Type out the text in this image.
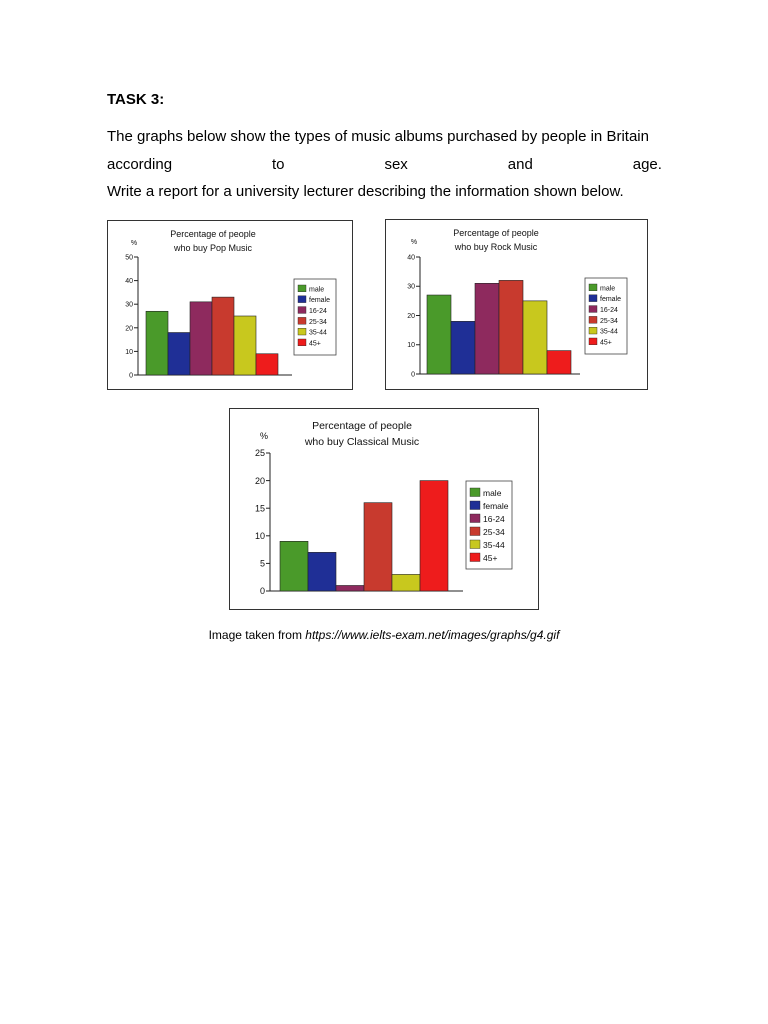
TASK 3:
The graphs below show the types of music albums purchased by people in Britain
according	to	sex	and	age.
Write a report for a university lecturer describing the information shown below.
Percentage of people
who buy Pop Music
%
0
10
20
30
40
50
male
female
16-24
25-34
35-44
45+
Percentage of people
who buy Rock Music
%
0
10
20
30
40
male
female
16-24
25-34
35-44
45+
Percentage of people
who buy Classical Music
%
0
5
10
15
20
25
male
female
16-24
25-34
35-44
45+
Image taken from https://www.ielts-exam.net/images/graphs/g4.gif
